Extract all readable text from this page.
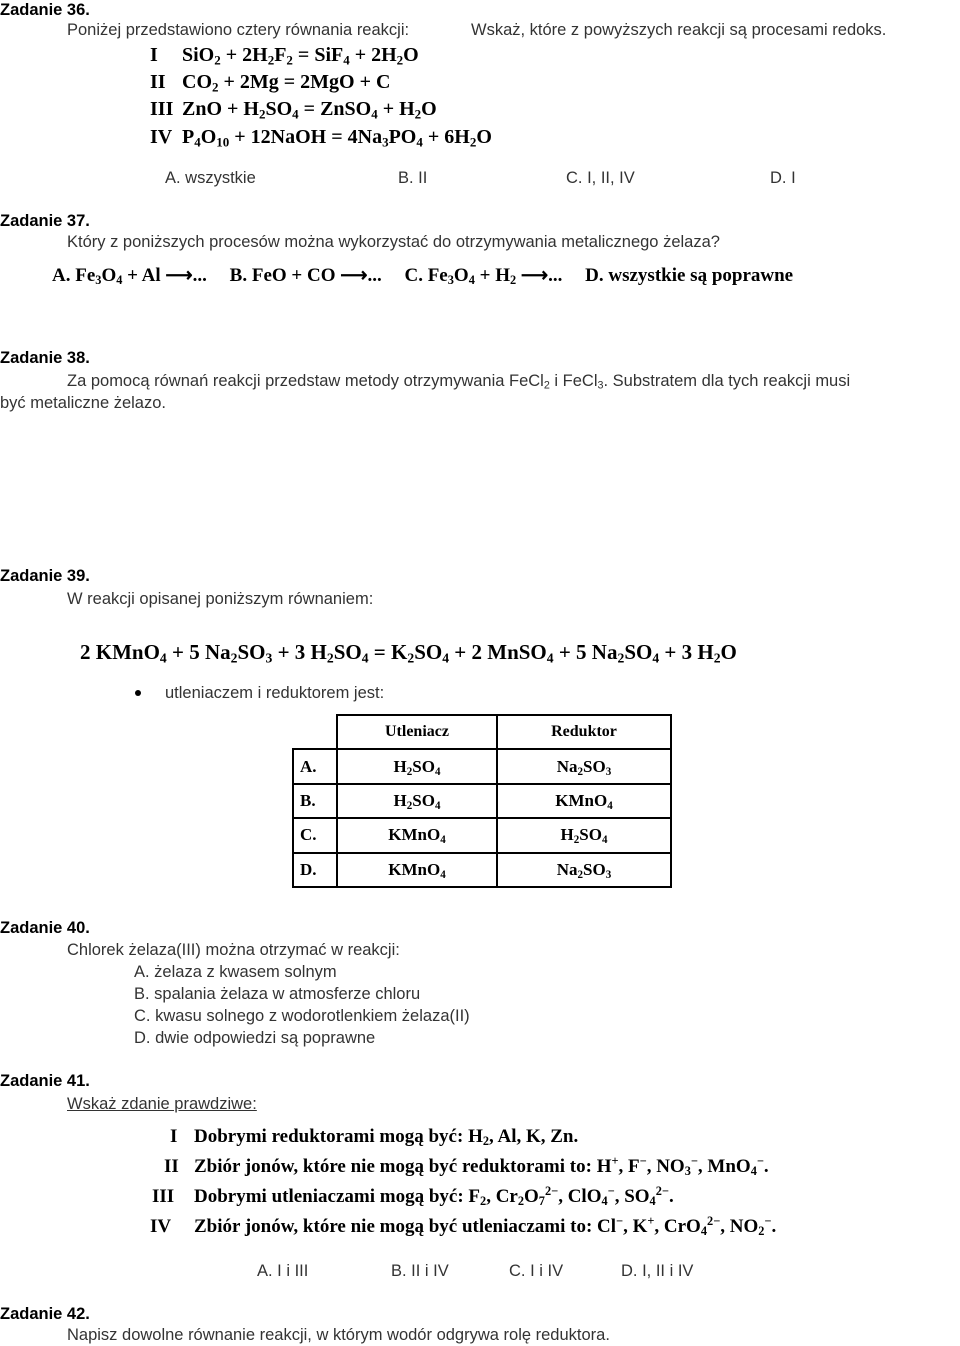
Zadanie 36.
Poniżej przedstawiono cztery równania reakcji:	Wskaż, które z powyższych reakcji są procesami redoks.
I	$SiO_2 + 2H_2F_2 = SiF_4 + 2H_2O$
II $CO_2 + 2Mg = 2MgO + C$
III ZnO + $H_2SO_4$ = ZnSO$_4$ + $H_2O$
IV $P_4O_{10}$ + 12NaOH = $4Na_3PO_4 + 6H_2O$
A. wszystkie	B. II	C. I, II, IV	D. I
Zadanie 37.
Który z poniższych procesów można wykorzystać do otrzymywania metalicznego żelaza?
A. $Fe_3O_4 + Al$ ⟶... B. FeO + CO ⟶... C. $Fe_3O_4 + H_2$ ⟶... D. wszystkie są poprawne
Zadanie 38.
Za pomocą równań reakcji przedstaw metody otrzymywania FeCl$_2$ i FeCl$_3$. Substratem dla tych reakcji musi
być metaliczne żelazo.
Zadanie 39.
W reakcji opisanej poniższym równaniem:
2 KMnO$_4$ + 5 $Na_2SO_3 + 3$ $H_2SO_4 = K_2SO_4 + 2$ MnSO$_4$ + 5 $Na_2SO_4 + 3$ $H_2O$
utleniaczem i reduktorem jest:
	Utleniacz	Reduktor
A.	$H_2SO_4$	$Na_2SO_3$
B.	$H_2SO_4$	KMnO$_4$
C.	KMnO$_4$	$H_2SO_4$
D.	KMnO$_4$	$Na_2SO_3$
Zadanie 40.
Chlorek żelaza(III) można otrzymać w reakcji:
A. żelaza z kwasem solnym
B. spalania żelaza w atmosferze chloru
C. kwasu solnego z wodorotlenkiem żelaza(II)
D. dwie odpowiedzi są poprawne
Zadanie 41.
Wskaż zdanie prawdziwe:
I Dobrymi reduktorami mogą być: $H_2$, Al, K, Zn.
II Zbiór jonów, które nie mogą być reduktorami to: H+, F−, $NO_3^-$, MnO$_4$−.
III	Dobrymi utleniaczami mogą być: $F_2$, $Cr_2O_7^{2-}$, ClO$_4$−, $SO_4^{2-}$.
IV	Zbiór jonów, które nie mogą być utleniaczami to: Cl−, K+, CrO$_4^{2-}$, $NO_2^-$.
A. I i III	B. II i IV	C. I i IV	D. I, II i IV
Zadanie 42.
Napisz dowolne równanie reakcji, w którym wodór odgrywa rolę reduktora.
